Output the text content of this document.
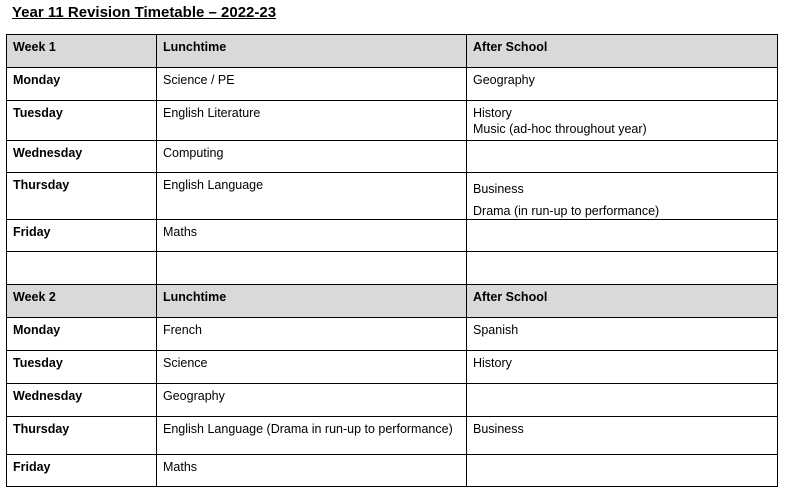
Year 11 Revision Timetable – 2022-23
Week 1	Lunchtime	After School
Monday	Science / PE	Geography

Tuesday	English Literature	History
Music (ad-hoc throughout year)

Wednesday	Computing	
Thursday	English Language	Business
Drama (in run-up to performance)

Friday	Maths	

Week 2	Lunchtime	After School
Monday	French	Spanish

Tuesday	Science	History

Wednesday	Geography	
Thursday	English Language (Drama in run-up to performance)	Business

Friday	Maths	
